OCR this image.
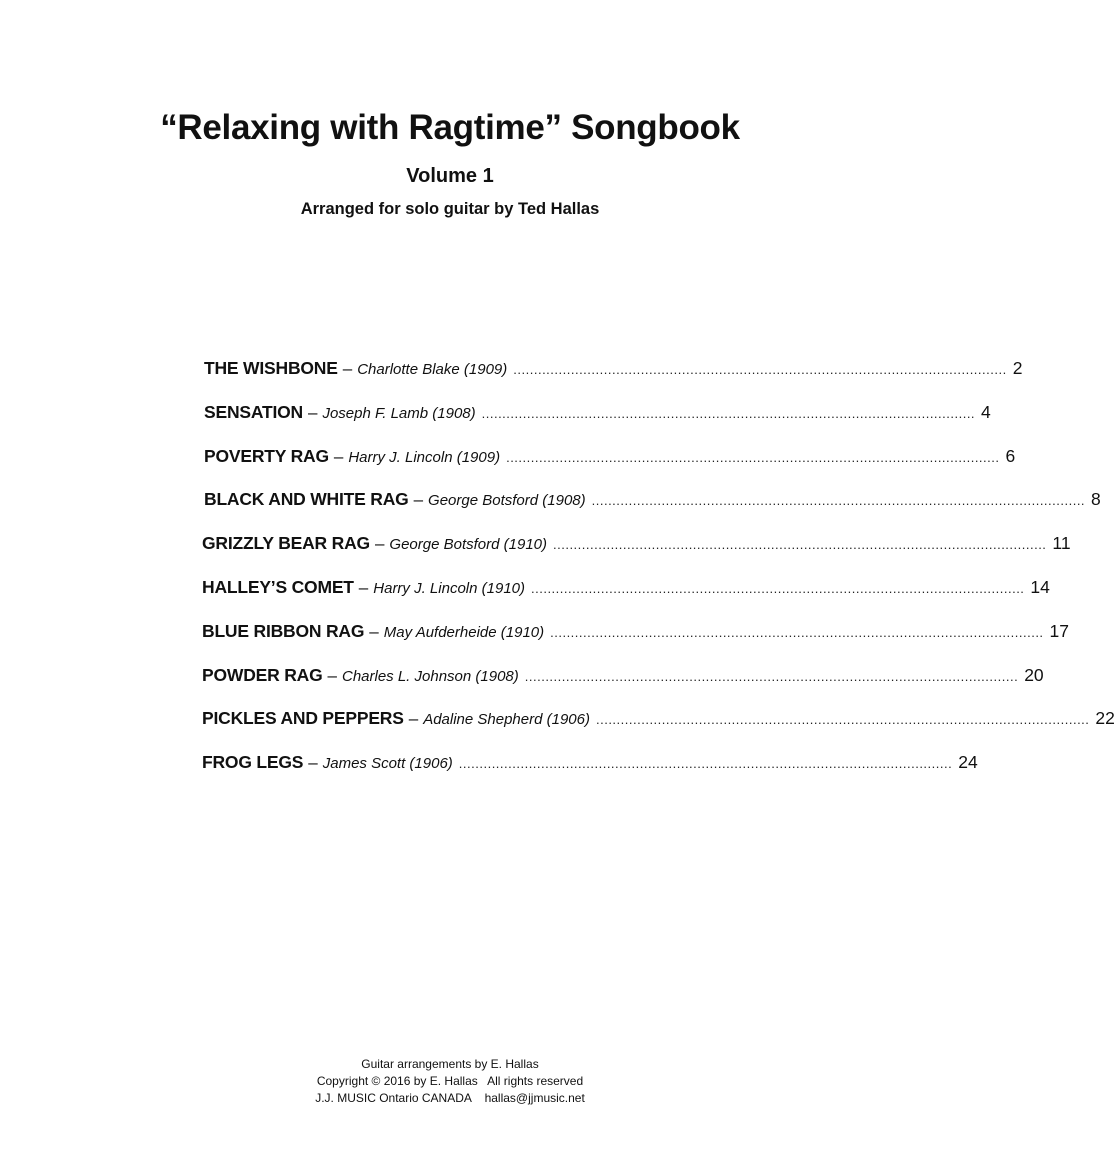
“Relaxing with Ragtime” Songbook
Volume 1
Arranged for solo guitar by Ted Hallas
THE WISHBONE – Charlotte Blake (1909) ........................................................................................................................ 2
SENSATION – Joseph F. Lamb (1908) ........................................................................................................................ 4
POVERTY RAG – Harry J. Lincoln (1909) ........................................................................................................................ 6
BLACK AND WHITE RAG – George Botsford (1908) ........................................................................................................................ 8
GRIZZLY BEAR RAG – George Botsford (1910) ........................................................................................................................ 11
HALLEY’S COMET – Harry J. Lincoln (1910) ........................................................................................................................ 14
BLUE RIBBON RAG – May Aufderheide (1910) ........................................................................................................................ 17
POWDER RAG – Charles L. Johnson (1908) ........................................................................................................................ 20
PICKLES AND PEPPERS – Adaline Shepherd (1906) ........................................................................................................................ 22
FROG LEGS – James Scott (1906) ........................................................................................................................ 24
Guitar arrangements by E. Hallas
Copyright © 2016 by E. Hallas   All rights reserved
J.J. MUSIC Ontario CANADA    hallas@jjmusic.net
